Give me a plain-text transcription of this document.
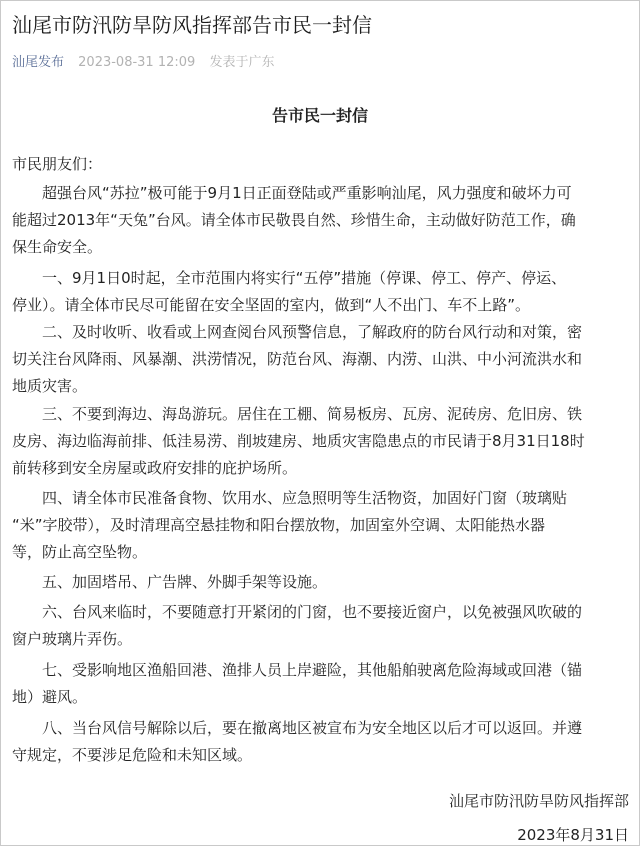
汕尾市防汛防旱防风指挥部告市民一封信
汕尾发布 2023-08-31 12:09 发表于广东
告市民一封信
市民朋友们：
　　超强台风“苏拉”极可能于9月1日正面登陆或严重影响汕尾，风力强度和破坏力可
能超过2013年“天兔”台风。请全体市民敬畏自然、珍惜生命，主动做好防范工作，确
保生命安全。
　　一、9月1日0时起，全市范围内将实行“五停”措施（停课、停工、停产、停运、
停业）。请全体市民尽可能留在安全坚固的室内，做到“人不出门、车不上路”。
　　二、及时收听、收看或上网查阅台风预警信息，了解政府的防台风行动和对策，密
切关注台风降雨、风暴潮、洪涝情况，防范台风、海潮、内涝、山洪、中小河流洪水和
地质灾害。
　　三、不要到海边、海岛游玩。居住在工棚、简易板房、瓦房、泥砖房、危旧房、铁
皮房、海边临海前排、低洼易涝、削坡建房、地质灾害隐患点的市民请于8月31日18时
前转移到安全房屋或政府安排的庇护场所。
　　四、请全体市民准备食物、饮用水、应急照明等生活物资，加固好门窗（玻璃贴
“米”字胶带），及时清理高空悬挂物和阳台摆放物，加固室外空调、太阳能热水器
等，防止高空坠物。
　　五、加固塔吊、广告牌、外脚手架等设施。
　　六、台风来临时，不要随意打开紧闭的门窗，也不要接近窗户，以免被强风吹破的
窗户玻璃片弄伤。
　　七、受影响地区渔船回港、渔排人员上岸避险，其他船舶驶离危险海域或回港（锚
地）避风。
　　八、当台风信号解除以后，要在撤离地区被宣布为安全地区以后才可以返回。并遵
守规定，不要涉足危险和未知区域。
汕尾市防汛防旱防风指挥部
2023年8月31日
